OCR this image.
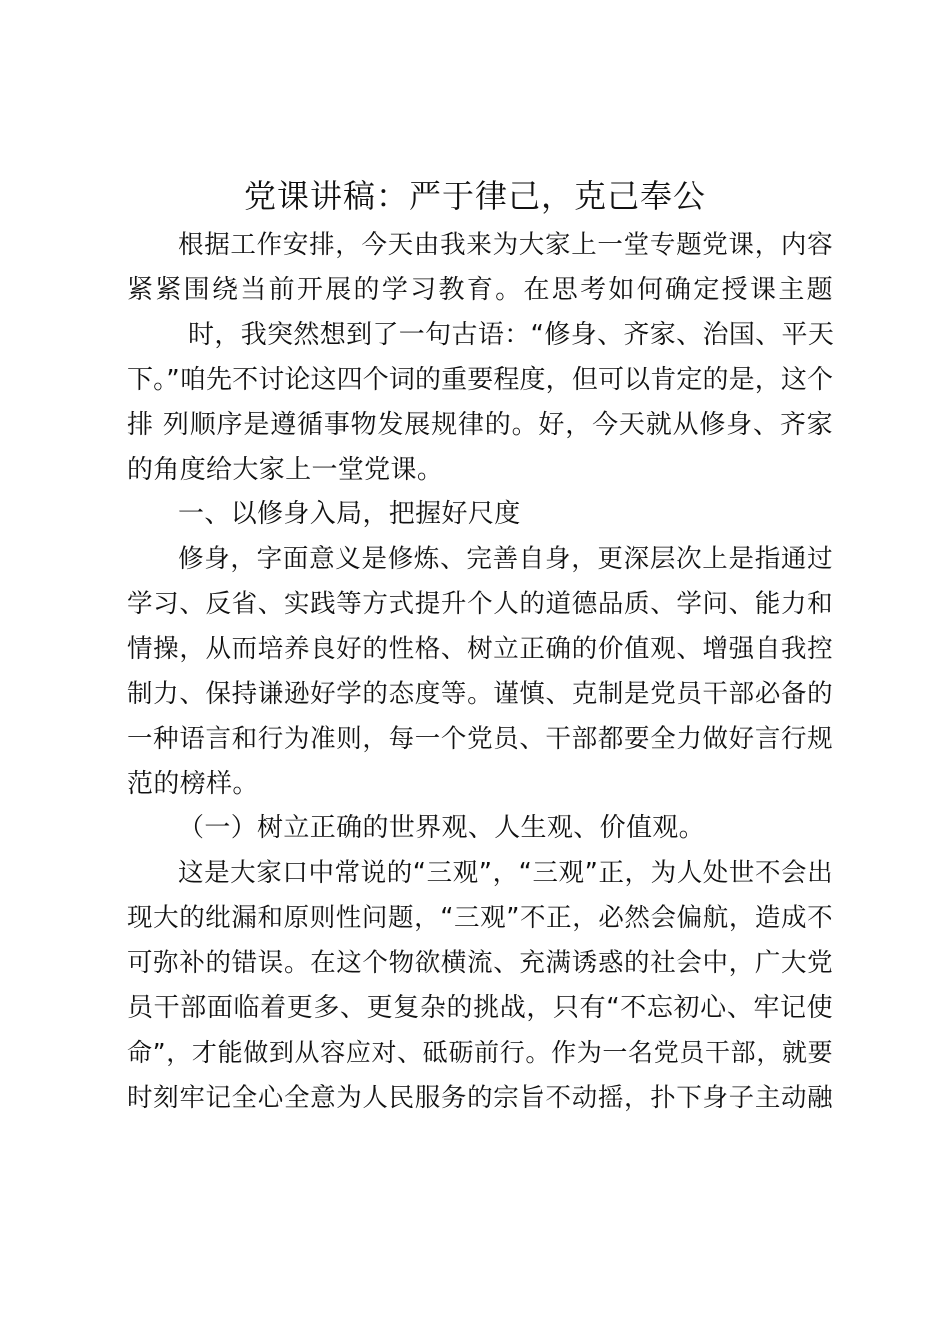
党课讲稿：严于律己，克己奉公
根据工作安排，今天由我来为大家上一堂专题党课，内容
紧紧围绕当前开展的学习教育。在思考如何确定授课主题
时，我突然想到了一句古语：“修身、齐家、治国、平天
下。”咱先不讨论这四个词的重要程度，但可以肯定的是，这个
排 列顺序是遵循事物发展规律的。好，今天就从修身、齐家
的角度给大家上一堂党课。
一、以修身入局，把握好尺度
修身，字面意义是修炼、完善自身，更深层次上是指通过
学习、反省、实践等方式提升个人的道德品质、学问、能力和
情操，从而培养良好的性格、树立正确的价值观、增强自我控
制力、保持谦逊好学的态度等。谨慎、克制是党员干部必备的
一种语言和行为准则，每一个党员、干部都要全力做好言行规
范的榜样。
（一）树立正确的世界观、人生观、价值观。
这是大家口中常说的“三观”，“三观”正，为人处世不会出
现大的纰漏和原则性问题，“三观”不正，必然会偏航，造成不
可弥补的错误。在这个物欲横流、充满诱惑的社会中，广大党
员干部面临着更多、更复杂的挑战，只有“不忘初心、牢记使
命”，才能做到从容应对、砥砺前行。作为一名党员干部，就要
时刻牢记全心全意为人民服务的宗旨不动摇，扑下身子主动融
